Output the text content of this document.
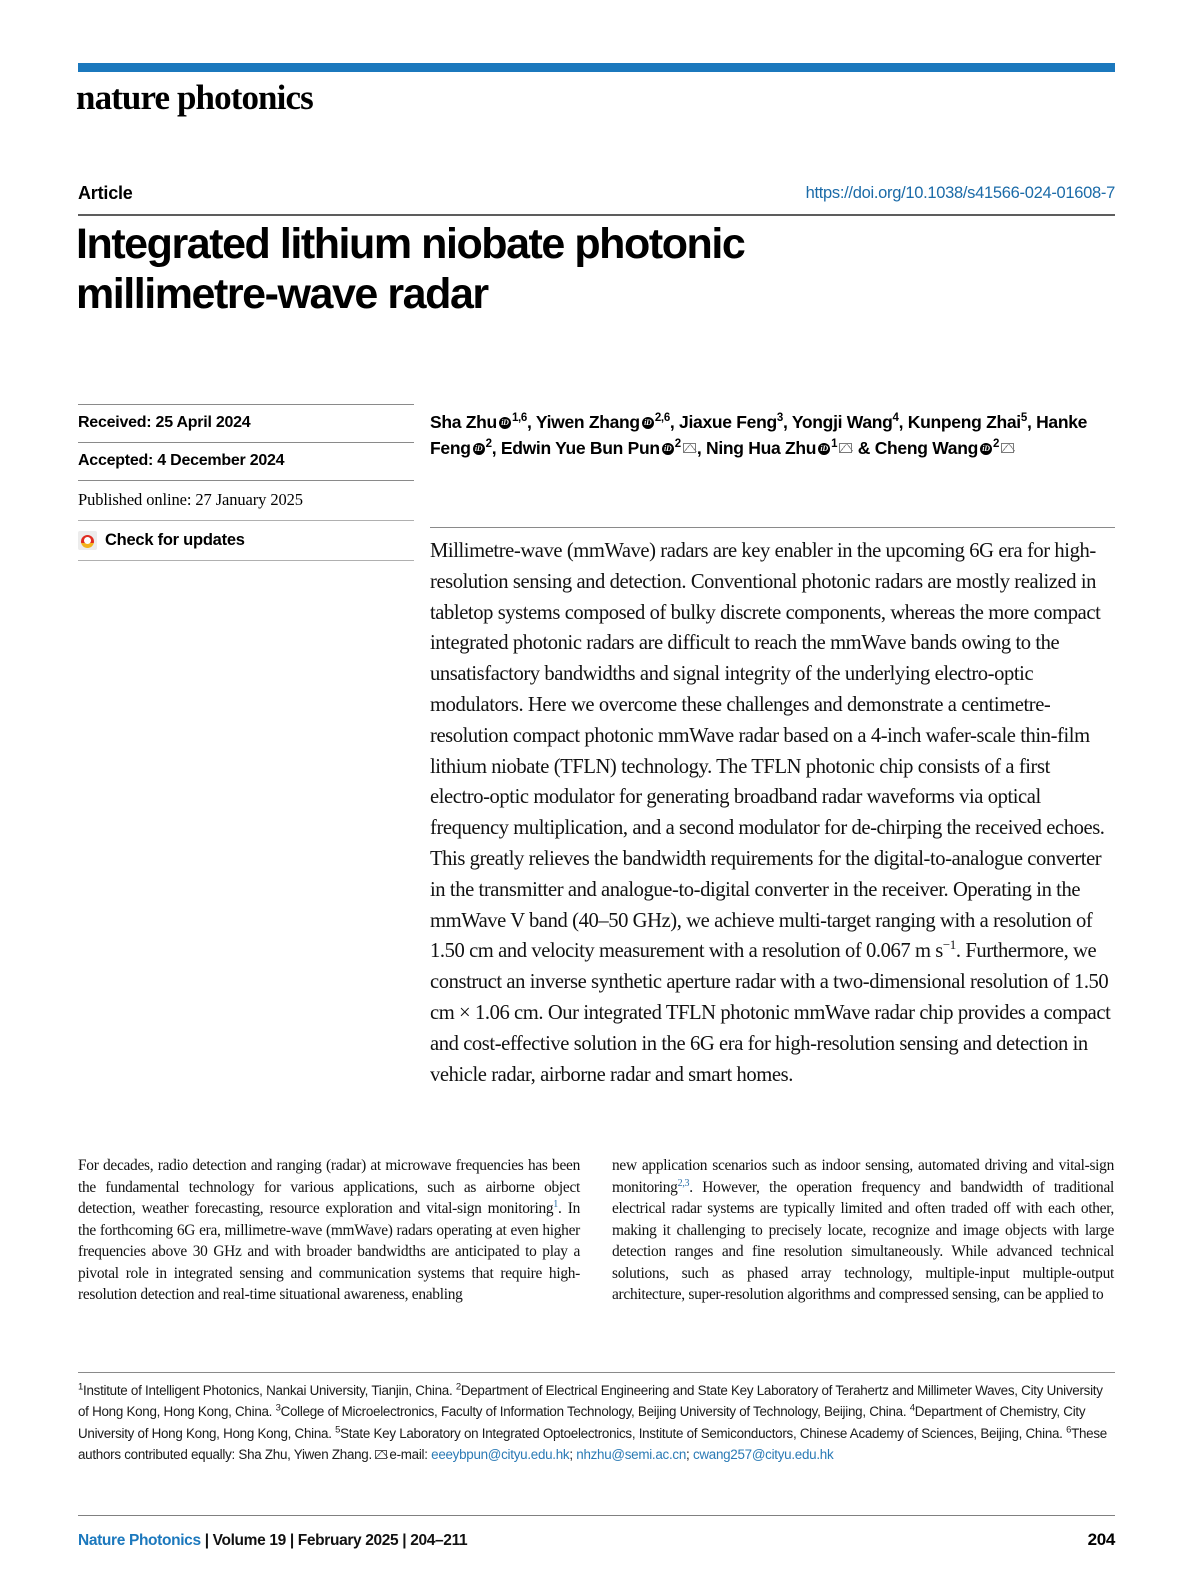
nature photonics
Article	https://doi.org/10.1038/s41566-024-01608-7
Integrated lithium niobate photonic
millimetre-wave radar
Received: 25 April 2024
Accepted: 4 December 2024
Published online: 27 January 2025
Check for updates
Sha Zhu iD $^{1,6}$, Yiwen Zhang iD $^{2,6}$, Jiaxue Feng$^3$, Yongji Wang$^4$, Kunpeng Zhai$^5$, Hanke Feng iD $^2$, Edwin Yue Bun Pun iD $^2$ , Ning Hua Zhu iD $^1$ & Cheng Wang iD $^2$
Millimetre-wave (mmWave) radars are key enabler in the upcoming 6G era for high-resolution sensing and detection. Conventional photonic radars are mostly realized in tabletop systems composed of bulky discrete components, whereas the more compact integrated photonic radars are difficult to reach the mmWave bands owing to the unsatisfactory bandwidths and signal integrity of the underlying electro-optic modulators. Here we overcome these challenges and demonstrate a centimetre-resolution compact photonic mmWave radar based on a 4-inch wafer-scale thin-film lithium niobate (TFLN) technology. The TFLN photonic chip consists of a first electro-optic modulator for generating broadband radar waveforms via optical frequency multiplication, and a second modulator for de-chirping the received echoes. This greatly relieves the bandwidth requirements for the digital-to-analogue converter in the transmitter and analogue-to-digital converter in the receiver. Operating in the mmWave V band (40–50 GHz), we achieve multi-target ranging with a resolution of 1.50 cm and velocity measurement with a resolution of 0.067 m $s^{-1}$. Furthermore, we construct an inverse synthetic aperture radar with a two-dimensional resolution of 1.50 cm × 1.06 cm. Our integrated TFLN photonic mmWave radar chip provides a compact and cost-effective solution in the 6G era for high-resolution sensing and detection in vehicle radar, airborne radar and smart homes.
For decades, radio detection and ranging (radar) at microwave frequencies has been the fundamental technology for various applications, such as airborne object detection, weather forecasting, resource exploration and vital-sign monitoring$^1$. In the forthcoming 6G era, millimetre-wave (mmWave) radars operating at even higher frequencies above 30 GHz and with broader bandwidths are anticipated to play a pivotal role in integrated sensing and communication systems that require high-resolution detection and real-time situational awareness, enabling
new application scenarios such as indoor sensing, automated driving and vital-sign monitoring$^{2,3}$. However, the operation frequency and bandwidth of traditional electrical radar systems are typically limited and often traded off with each other, making it challenging to precisely locate, recognize and image objects with large detection ranges and fine resolution simultaneously. While advanced technical solutions, such as phased array technology, multiple-input multiple-output architecture, super-resolution algorithms and compressed sensing, can be applied to
$^1$Institute of Intelligent Photonics, Nankai University, Tianjin, China. $^2$Department of Electrical Engineering and State Key Laboratory of Terahertz and Millimeter Waves, City University of Hong Kong, Hong Kong, China. $^3$College of Microelectronics, Faculty of Information Technology, Beijing University of Technology, Beijing, China. $^4$Department of Chemistry, City University of Hong Kong, Hong Kong, China. $^5$State Key Laboratory on Integrated Optoelectronics, Institute of Semiconductors, Chinese Academy of Sciences, Beijing, China. $^6$These authors contributed equally: Sha Zhu, Yiwen Zhang. e-mail: eeeybpun@cityu.edu.hk; nhzhu@semi.ac.cn; cwang257@cityu.edu.hk
Nature Photonics | Volume 19 | February 2025 | 204–211	204
